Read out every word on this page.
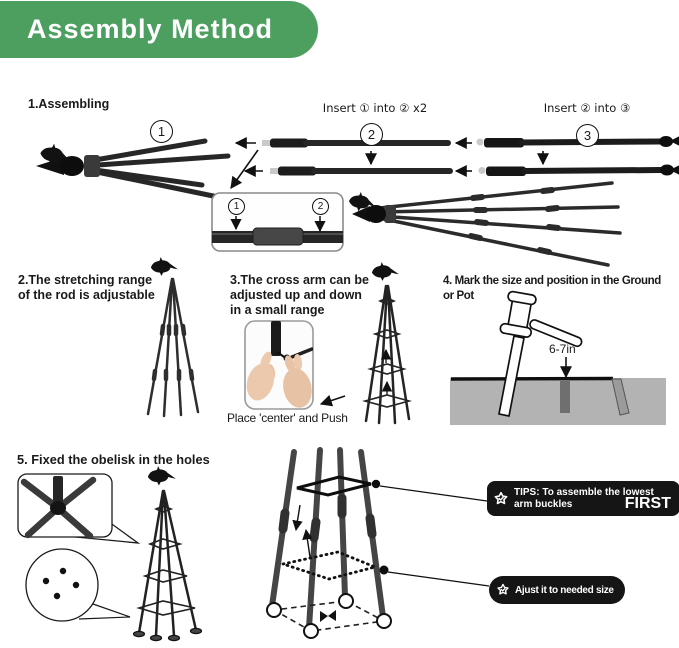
Assembly Method
1.Assembling	Insert ① into ② x2	Insert ② into ③
1	2	3
1	2
2.The stretching range
of the rod is adjustable
3.The cross arm can be
adjusted up and down
in a small range
Place 'center' and Push
4. Mark the size and position in the Ground
or Pot
6-7in
5. Fixed the obelisk in the holes
TIPS: To assemble the lowest arm buckles	FIRST
Ajust it to needed size
